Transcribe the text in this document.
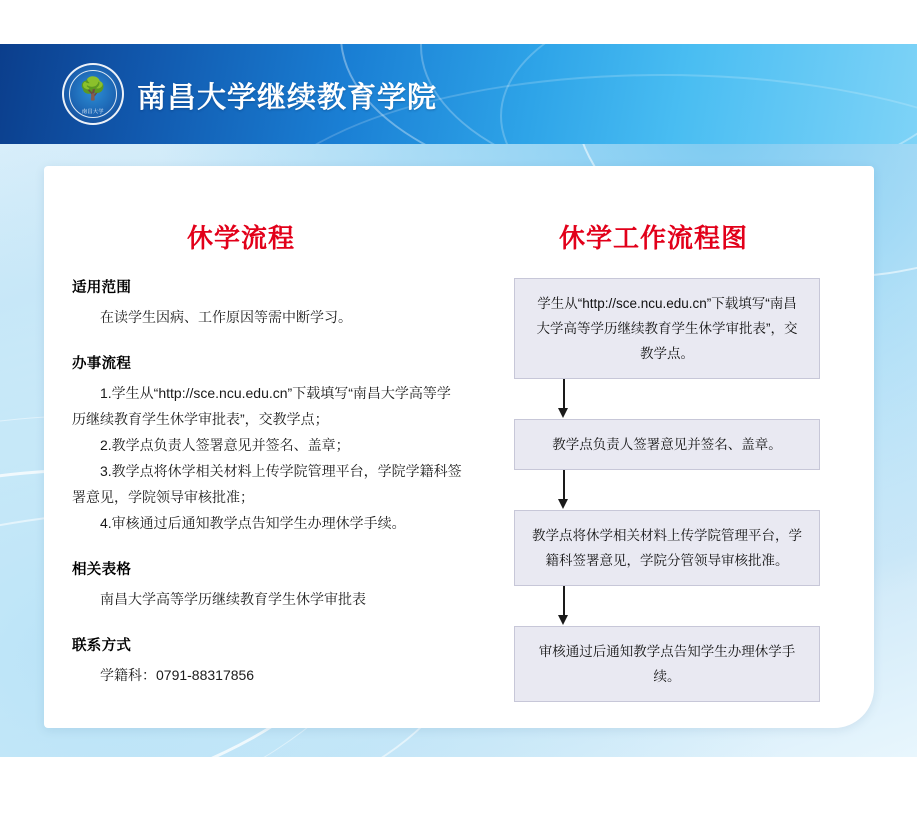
🌳
南昌大学	南昌大学继续教育学院
休学流程	休学工作流程图
适用范围

在读学生因病、工作原因等需中断学习。

办事流程

1.学生从“http://sce.ncu.edu.cn”下载填写“南昌大学高等学历继续教育学生休学审批表”，交教学点；

2.教学点负责人签署意见并签名、盖章；

3.教学点将休学相关材料上传学院管理平台，学院学籍科签署意见，学院领导审核批准；

4.审核通过后通知教学点告知学生办理休学手续。

相关表格

南昌大学高等学历继续教育学生休学审批表

联系方式

学籍科：0791-88317856

学生从“http://sce.ncu.edu.cn”下载填写“南昌大学高等学历继续教育学生休学审批表”，交教学点。
教学点负责人签署意见并签名、盖章。
教学点将休学相关材料上传学院管理平台，学籍科签署意见，学院分管领导审核批准。
审核通过后通知教学点告知学生办理休学手续。
